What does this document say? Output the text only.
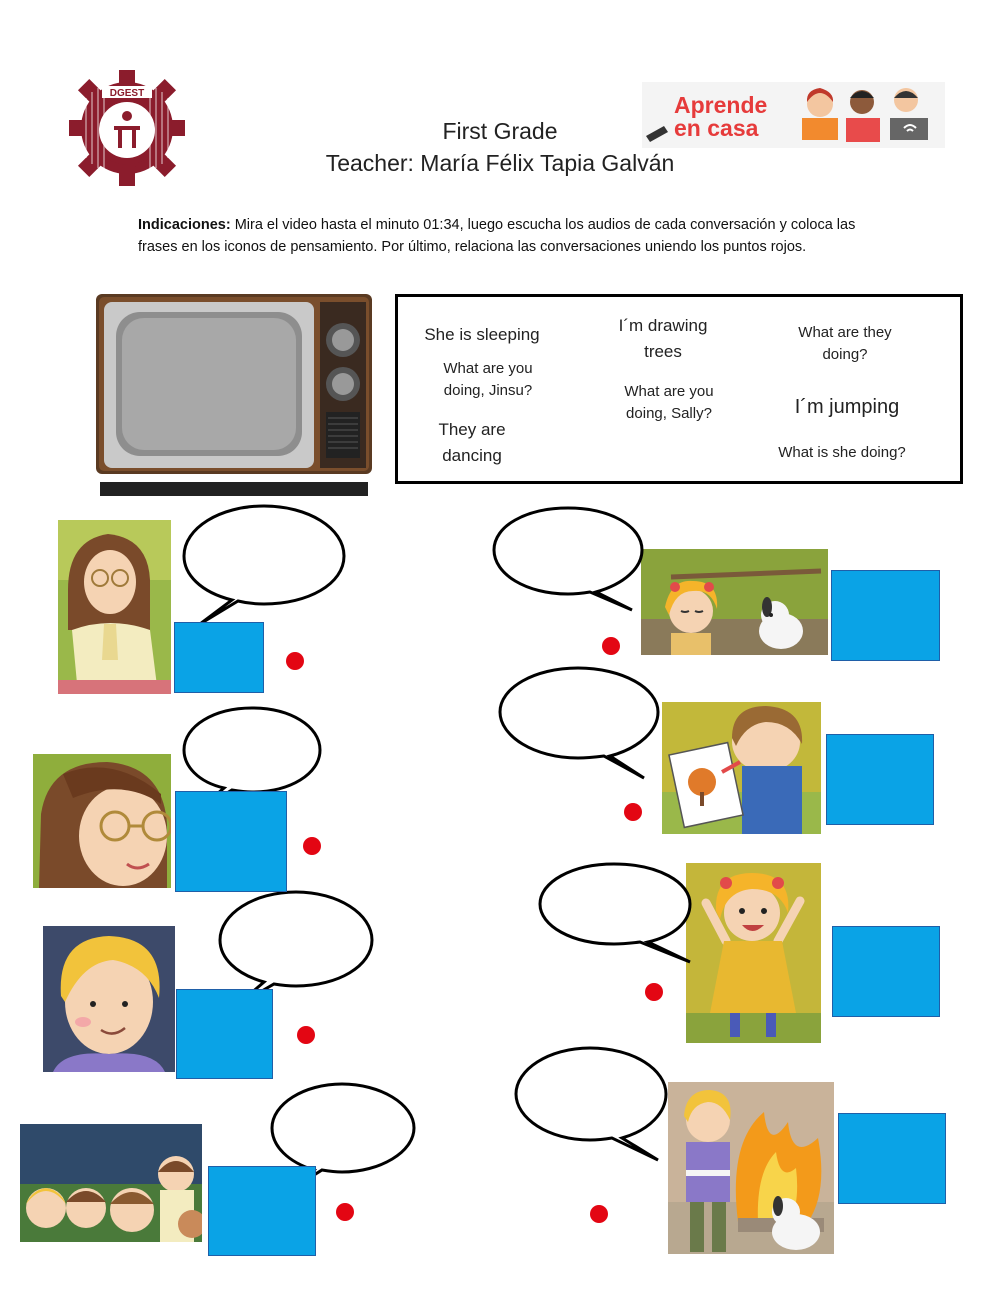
DGEST	Aprende
en casa
First Grade
Teacher: María Félix Tapia Galván
Indicaciones: Mira el video hasta el minuto 01:34, luego escucha los audios de cada conversación y coloca las frases en los iconos de pensamiento. Por último, relaciona las conversaciones uniendo los puntos rojos.
She is sleeping
What are you doing, Jinsu?
They are dancing
I´m drawing trees
What are you doing, Sally?
What are they doing?
I´m jumping
What is she doing?
